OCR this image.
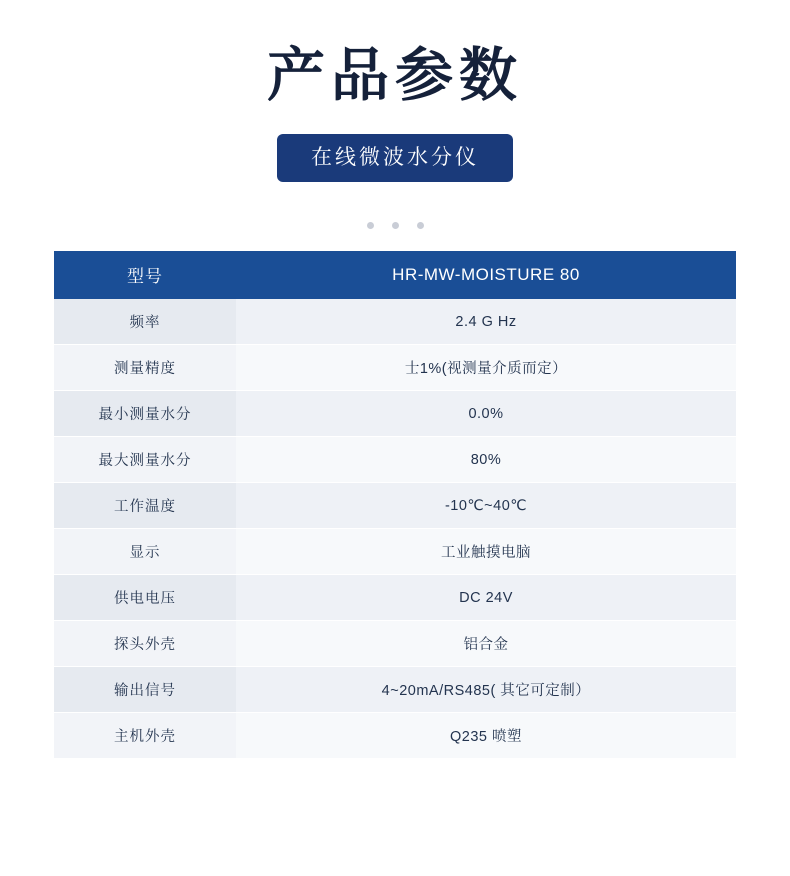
产品参数
在线微波水分仪
型号	HR-MW-MOISTURE 80
频率	2.4 G Hz
测量精度	士1%(视测量介质而定）
最小测量水分	0.0%
最大测量水分	80%
工作温度	-10℃~40℃
显示	工业触摸电脑
供电电压	DC 24V
探头外壳	铝合金
输出信号	4~20mA/RS485( 其它可定制）
主机外壳	Q235 喷塑
